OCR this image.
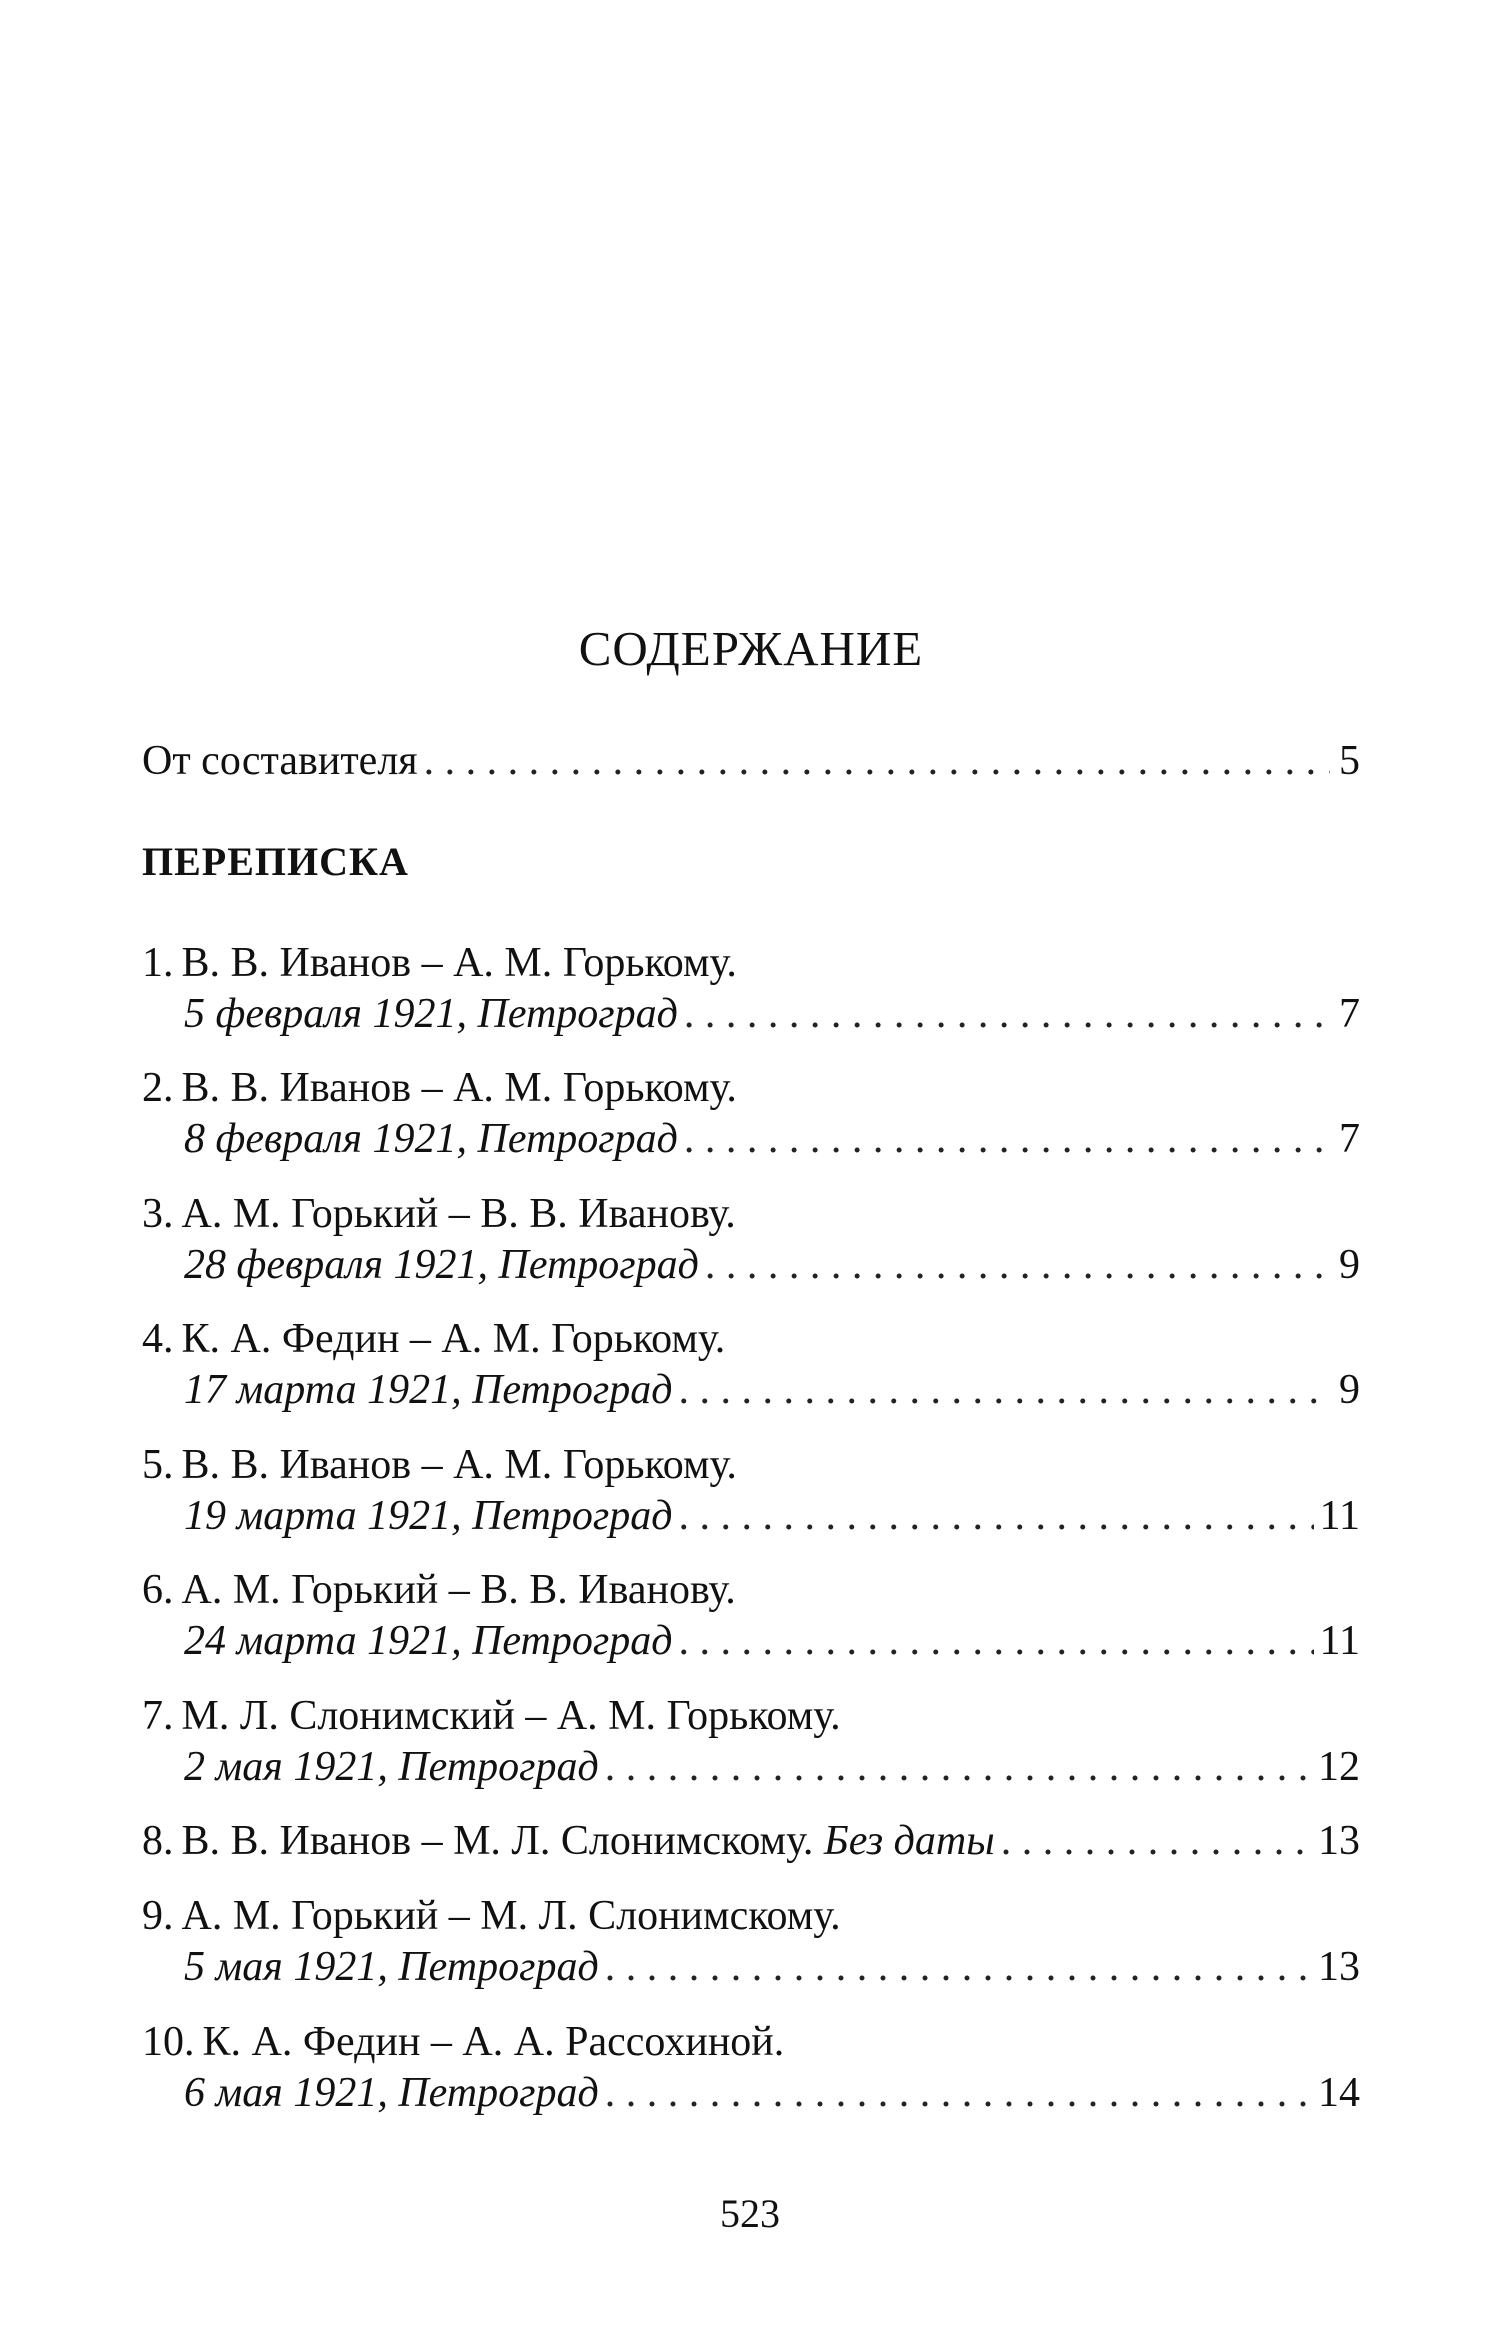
СОДЕРЖАНИЕ
От составителя . . .	5
ПЕРЕПИСКА
1. В. В. Иванов – А. М. Горькому.
5 февраля 1921, Петроград . . .	7
2. В. В. Иванов – А. М. Горькому.
8 февраля 1921, Петроград . . .	7
3. А. М. Горький – В. В. Иванову.
28 февраля 1921, Петроград . . .	9
4. К. А. Федин – А. М. Горькому.
17 марта 1921, Петроград . . .	9
5. В. В. Иванов – А. М. Горькому.
19 марта 1921, Петроград . . .	11
6. А. М. Горький – В. В. Иванову.
24 марта 1921, Петроград . . .	11
7. М. Л. Слонимский – А. М. Горькому.
2 мая 1921, Петроград . . .	12
8. В. В. Иванов – М. Л. Слонимскому. Без даты . . .	13
9. А. М. Горький – М. Л. Слонимскому.
5 мая 1921, Петроград . . .	13
10. К. А. Федин – А. А. Рассохиной.
6 мая 1921, Петроград . . .	14
523
